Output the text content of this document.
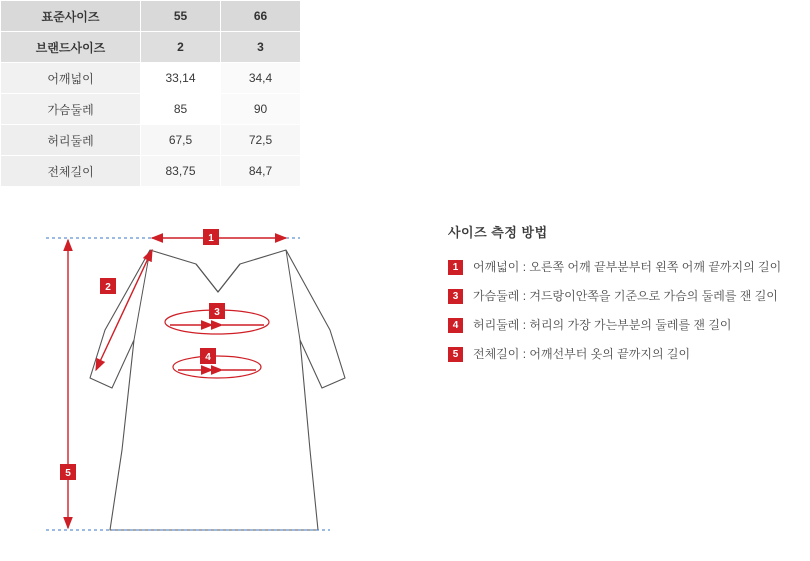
표준사이즈	55	66
브랜드사이즈	2	3
어깨넓이	33,14	34,4
가슴둘레	85	90
허리둘레	67,5	72,5
전체길이	83,75	84,7
1
2
3
4
5
사이즈 측정 방법
1	어깨넓이 : 오른쪽 어깨 끝부분부터 왼쪽 어깨 끝까지의 길이
3	가슴둘레 : 겨드랑이안쪽을 기준으로 가슴의 둘레를 잰 길이
4	허리둘레 : 허리의 가장 가는부분의 둘레를 잰 길이
5	전체길이 : 어깨선부터 옷의 끝까지의 길이
